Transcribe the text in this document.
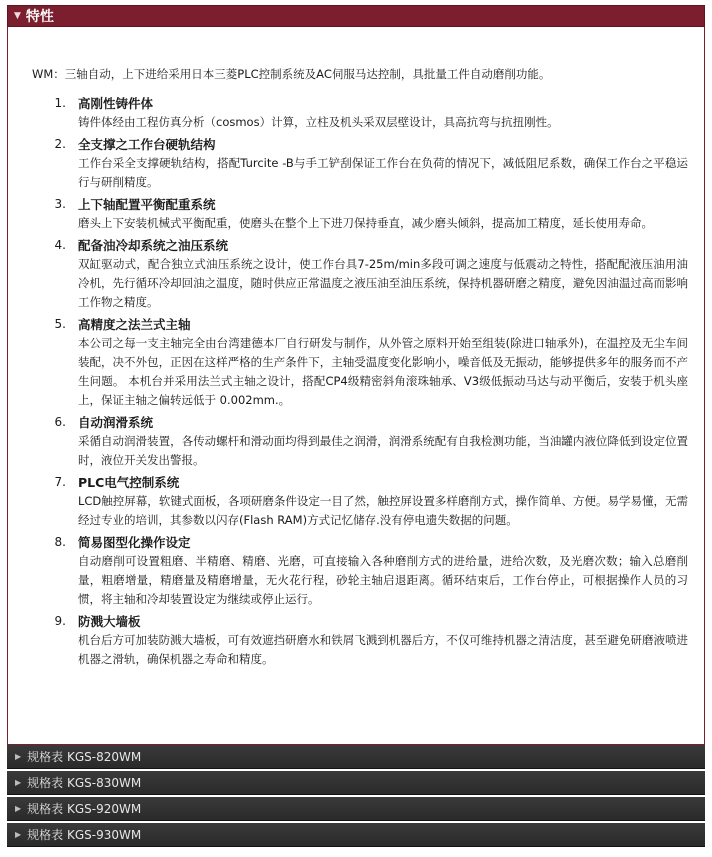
▼ 特性

WM：三轴自动，上下进给采用日本三菱PLC控制系统及AC伺服马达控制，具批量工件自动磨削功能。

1. 高刚性铸件体
铸件体经由工程仿真分析（cosmos）计算，立柱及机头采双层壁设计，具高抗弯与抗扭刚性。
2. 全支撑之工作台硬轨结构
工作台采全支撑硬轨结构，搭配Turcite -B与手工铲刮保证工作台在负荷的情况下，减低阻尼系数，确保工作台之平稳运行与研削精度。
3. 上下轴配置平衡配重系统
磨头上下安装机械式平衡配重，使磨头在整个上下进刀保持垂直，减少磨头倾斜，提高加工精度，延长使用寿命。
4. 配备油冷却系统之油压系统
双缸驱动式，配合独立式油压系统之设计，使工作台具7-25m/min多段可调之速度与低震动之特性，搭配配液压油用油冷机，先行循环冷却回油之温度，随时供应正常温度之液压油至油压系统，保持机器研磨之精度，避免因油温过高而影响工作物之精度。
5. 高精度之法兰式主轴
本公司之每一支主轴完全由台湾建德本厂自行研发与制作，从外管之原料开始至组装(除进口轴承外)，在温控及无尘车间装配，决不外包，正因在这样严格的生产条件下，主轴受温度变化影响小，噪音低及无振动，能够提供多年的服务而不产生问题。 本机台并采用法兰式主轴之设计，搭配CP4级精密斜角滚珠轴承、V3级低振动马达与动平衡后，安装于机头座上，保证主轴之偏转远低于 0.002mm.。
6. 自动润滑系统
采循自动润滑装置，各传动螺杆和滑动面均得到最佳之润滑，润滑系统配有自我检测功能，当油罐内液位降低到设定位置时，液位开关发出警报。
7. PLC电气控制系统
LCD触控屏幕，软键式面板，各项研磨条件设定一目了然，触控屏设置多样磨削方式，操作简单、方便。易学易懂，无需经过专业的培训，其参数以闪存(Flash RAM)方式记忆储存.没有停电遗失数据的问题。
8. 简易图型化操作设定
自动磨削可设置粗磨、半精磨、精磨、光磨，可直接输入各种磨削方式的进给量，进给次数，及光磨次数；输入总磨削量，粗磨增量，精磨量及精磨增量，无火花行程，砂轮主轴启退距离。循环结束后，工作台停止，可根据操作人员的习惯，将主轴和冷却装置设定为继续或停止运行。
9. 防溅大墙板
机台后方可加装防溅大墙板，可有效遮挡研磨水和铁屑飞溅到机器后方，不仅可维持机器之清洁度，甚至避免研磨液喷进机器之滑轨，确保机器之寿命和精度。
▶ 规格表 KGS-820WM
▶ 规格表 KGS-830WM
▶ 规格表 KGS-920WM
▶ 规格表 KGS-930WM
